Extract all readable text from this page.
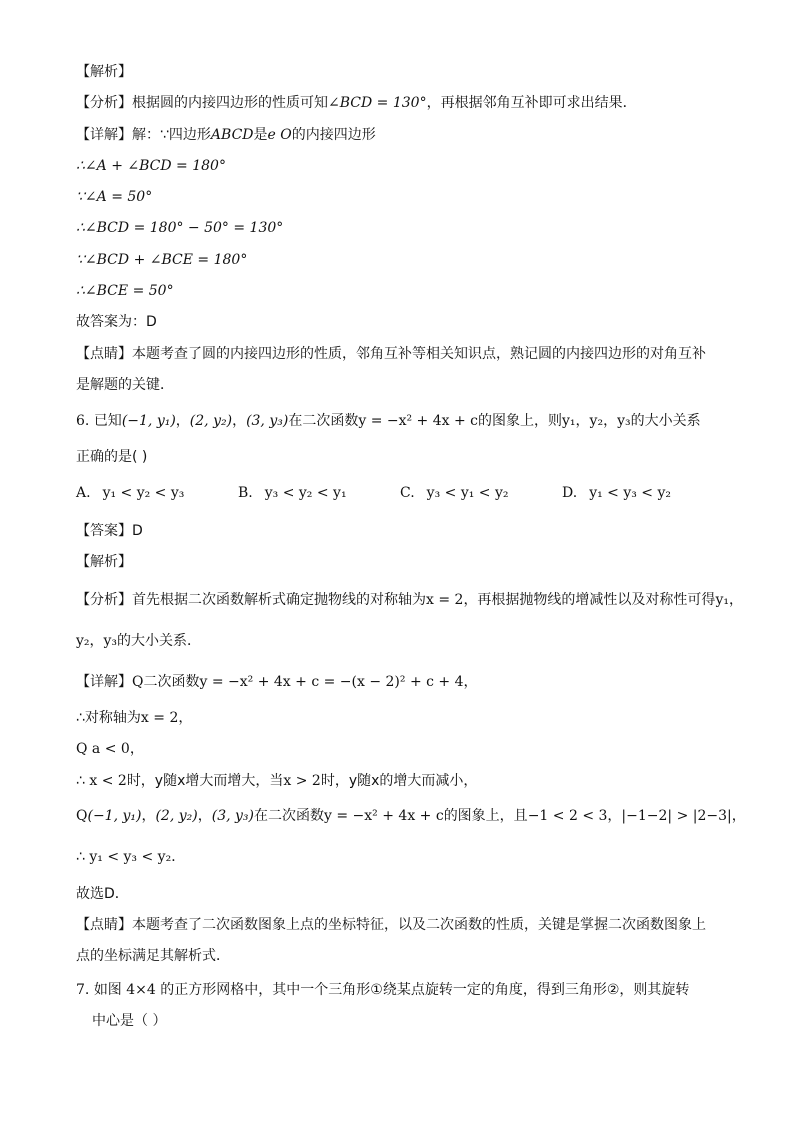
【解析】
【分析】根据圆的内接四边形的性质可知∠BCD = 130°，再根据邻角互补即可求出结果．
【详解】解：∵四边形ABCD是e O的内接四边形
∴∠A + ∠BCD = 180°
∵∠A = 50°
∴∠BCD = 180° − 50° = 130°
∵∠BCD + ∠BCE = 180°
∴∠BCE = 50°
故答案为：D
【点睛】本题考查了圆的内接四边形的性质，邻角互补等相关知识点，熟记圆的内接四边形的对角互补
是解题的关键．
6. 已知(−1, y₁)，(2, y₂)，(3, y₃)在二次函数y = −x² + 4x + c的图象上，则y₁，y₂，y₃的大小关系
正确的是( )
A. y₁ < y₂ < y₃	B. y₃ < y₂ < y₁	C. y₃ < y₁ < y₂	D. y₁ < y₃ < y₂
【答案】D
【解析】
【分析】首先根据二次函数解析式确定抛物线的对称轴为x = 2，再根据抛物线的增减性以及对称性可得y₁，
y₂，y₃的大小关系．
【详解】Q二次函数y = −x² + 4x + c = −(x − 2)² + c + 4，
∴对称轴为x = 2，
Q a < 0，
∴ x < 2时，y随x增大而增大，当x > 2时，y随x的增大而减小，
Q(−1, y₁)，(2, y₂)，(3, y₃)在二次函数y = −x² + 4x + c的图象上，且−1 < 2 < 3，|−1−2| > |2−3|，
∴ y₁ < y₃ < y₂．
故选D．
【点睛】本题考查了二次函数图象上点的坐标特征，以及二次函数的性质，关键是掌握二次函数图象上
点的坐标满足其解析式．
7. 如图 4×4 的正方形网格中，其中一个三角形①绕某点旋转一定的角度，得到三角形②，则其旋转
中心是（ ）
